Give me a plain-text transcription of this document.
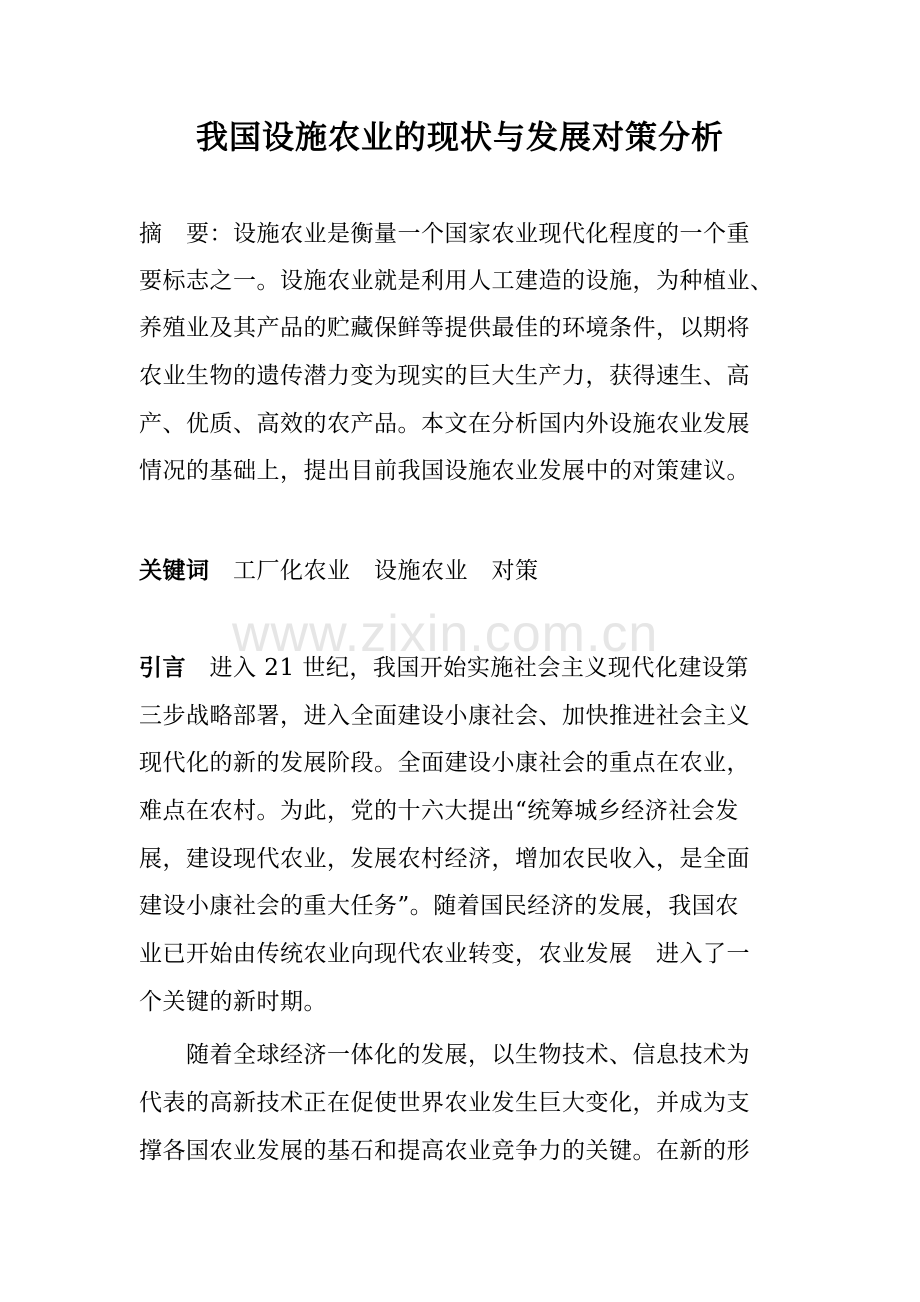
www.zixin.com.cn
我国设施农业的现状与发展对策分析
摘　要：设施农业是衡量一个国家农业现代化程度的一个重
要标志之一。设施农业就是利用人工建造的设施，为种植业、
养殖业及其产品的贮藏保鲜等提供最佳的环境条件，以期将
农业生物的遗传潜力变为现实的巨大生产力，获得速生、高
产、优质、高效的农产品。本文在分析国内外设施农业发展
情况的基础上，提出目前我国设施农业发展中的对策建议。
关键词　工厂化农业　设施农业　对策
引言　进入 21 世纪，我国开始实施社会主义现代化建设第
三步战略部署，进入全面建设小康社会、加快推进社会主义
现代化的新的发展阶段。全面建设小康社会的重点在农业，
难点在农村。为此，党的十六大提出“统筹城乡经济社会发
展，建设现代农业，发展农村经济，增加农民收入，是全面
建设小康社会的重大任务”。随着国民经济的发展，我国农
业已开始由传统农业向现代农业转变，农业发展　进入了一
个关键的新时期。
　　随着全球经济一体化的发展，以生物技术、信息技术为
代表的高新技术正在促使世界农业发生巨大变化，并成为支
撑各国农业发展的基石和提高农业竞争力的关键。在新的形
